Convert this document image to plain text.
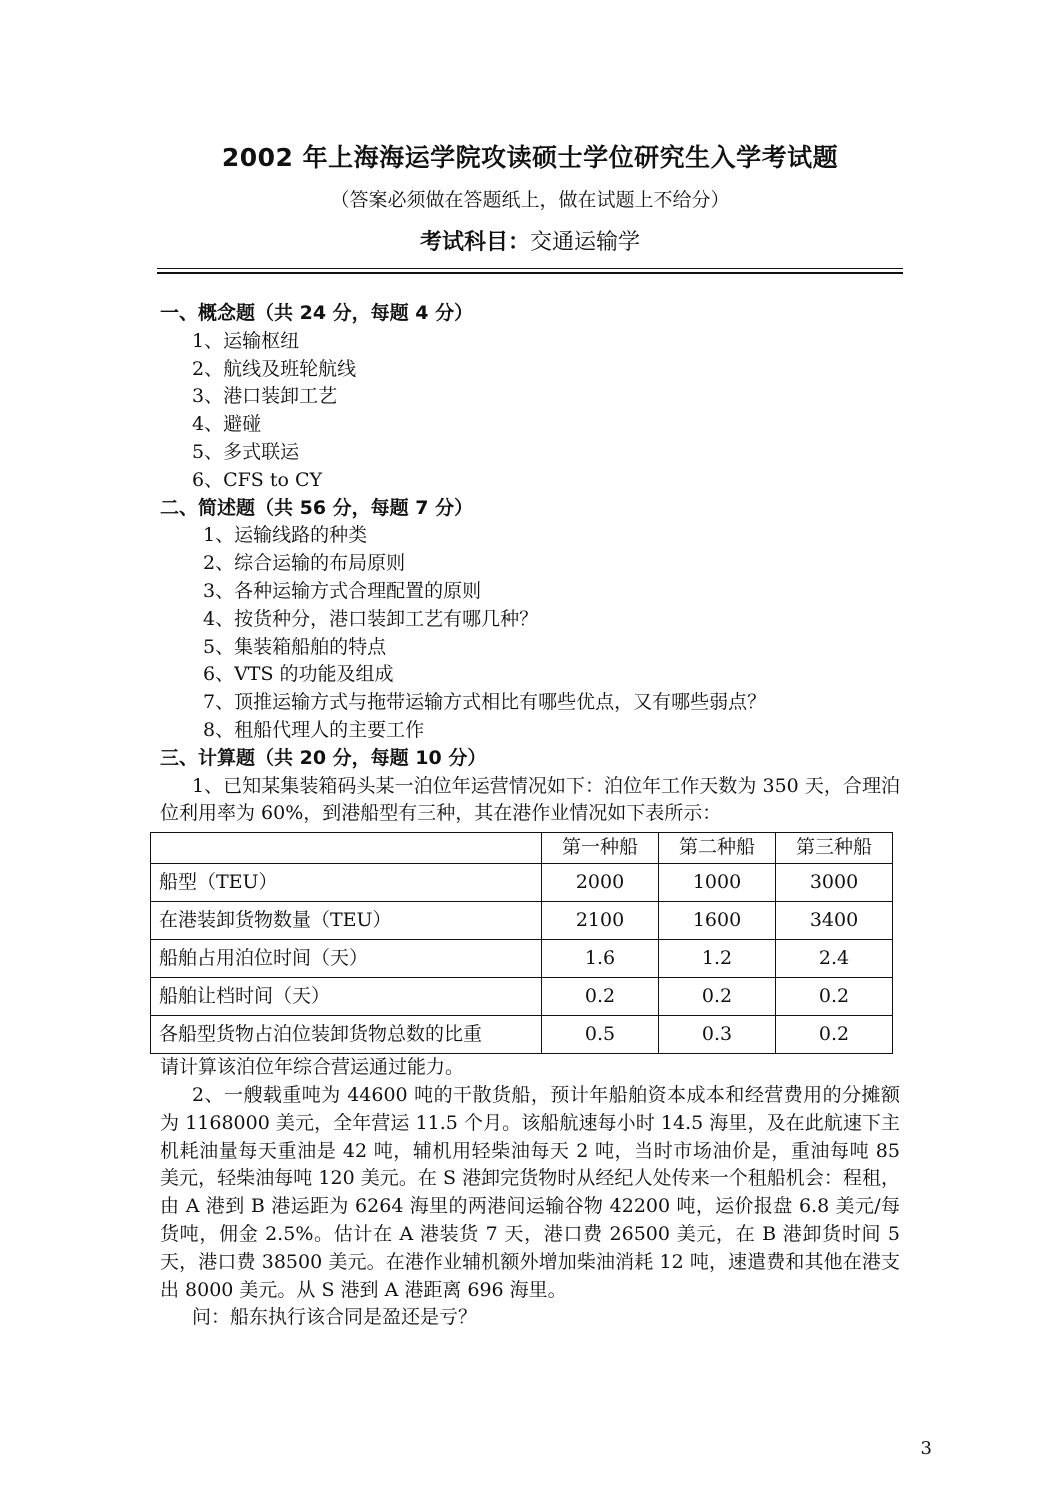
2002 年上海海运学院攻读硕士学位研究生入学考试题
（答案必须做在答题纸上，做在试题上不给分）
考试科目：交通运输学

一、概念题（共 24 分，每题 4 分）

1、运输枢纽

2、航线及班轮航线

3、港口装卸工艺

4、避碰

5、多式联运

6、CFS to CY

二、简述题（共 56 分，每题 7 分）

1、运输线路的种类

2、综合运输的布局原则

3、各种运输方式合理配置的原则

4、按货种分，港口装卸工艺有哪几种？

5、集装箱船舶的特点

6、VTS 的功能及组成

7、顶推运输方式与拖带运输方式相比有哪些优点，又有哪些弱点？

8、租船代理人的主要工作

三、计算题（共 20 分，每题 10 分）

1、已知某集装箱码头某一泊位年运营情况如下：泊位年工作天数为 350 天，合理泊位利用率为 60%，到港船型有三种，其在港作业情况如下表所示：

	第一种船	第二种船	第三种船
船型（TEU）	2000	1000	3000
在港装卸货物数量（TEU）	2100	1600	3400
船舶占用泊位时间（天）	1.6	1.2	2.4
船舶让档时间（天）	0.2	0.2	0.2
各船型货物占泊位装卸货物总数的比重	0.5	0.3	0.2

请计算该泊位年综合营运通过能力。

2、一艘载重吨为 44600 吨的干散货船，预计年船舶资本成本和经营费用的分摊额为 1168000 美元，全年营运 11.5 个月。该船航速每小时 14.5 海里，及在此航速下主机耗油量每天重油是 42 吨，辅机用轻柴油每天 2 吨，当时市场油价是，重油每吨 85 美元，轻柴油每吨 120 美元。在 S 港卸完货物时从经纪人处传来一个租船机会：程租，由 A 港到 B 港运距为 6264 海里的两港间运输谷物 42200 吨，运价报盘 6.8 美元/每货吨，佣金 2.5%。估计在 A 港装货 7 天，港口费 26500 美元，在 B 港卸货时间 5 天，港口费 38500 美元。在港作业辅机额外增加柴油消耗 12 吨，速遣费和其他在港支出 8000 美元。从 S 港到 A 港距离 696 海里。

问：船东执行该合同是盈还是亏？

3
